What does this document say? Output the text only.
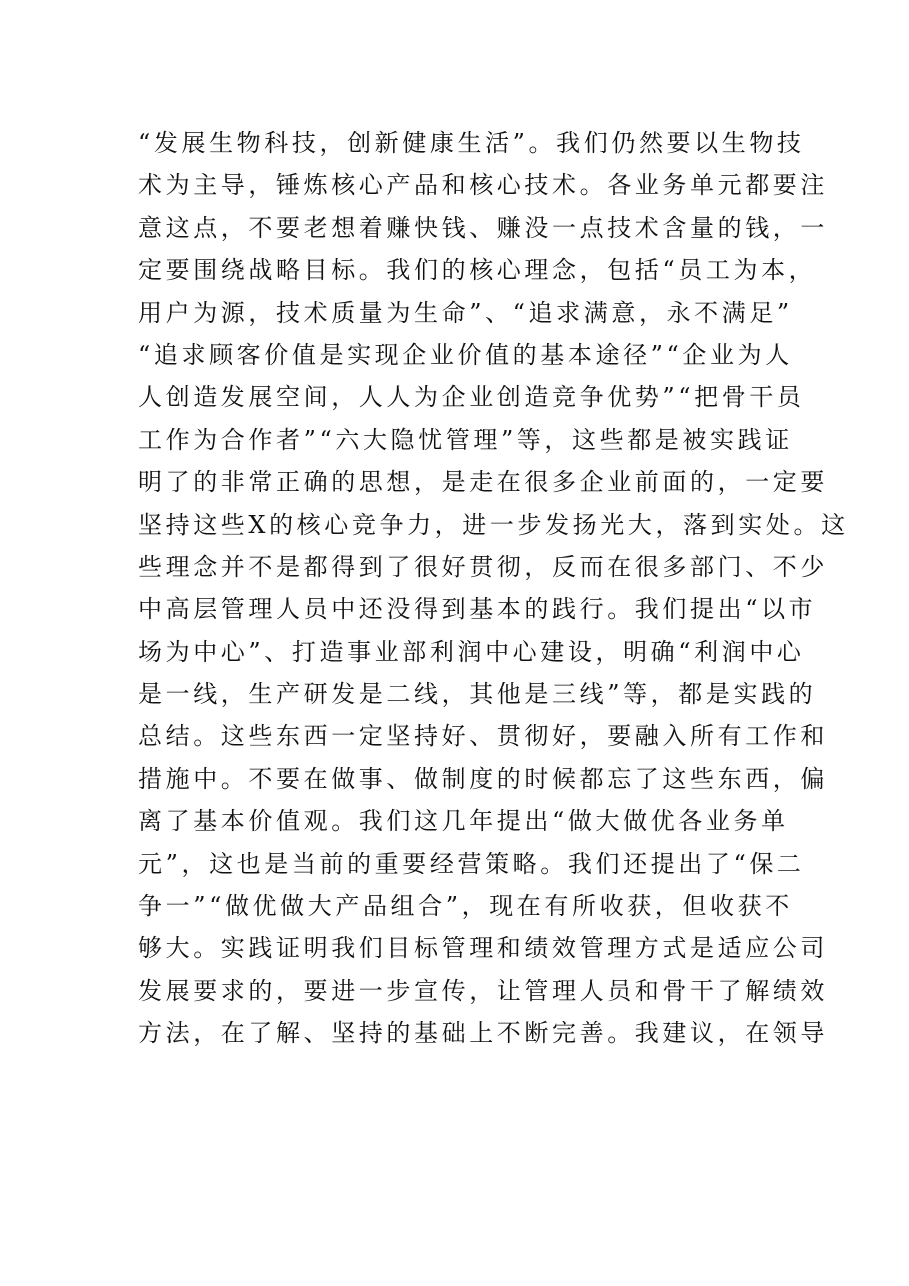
“发展生物科技，创新健康生活”。我们仍然要以生物技
术为主导，锤炼核心产品和核心技术。各业务单元都要注
意这点，不要老想着赚快钱、赚没一点技术含量的钱，一
定要围绕战略目标。我们的核心理念，包括“员工为本，
用户为源，技术质量为生命”、“追求满意，永不满足”
“追求顾客价值是实现企业价值的基本途径”“企业为人
人创造发展空间，人人为企业创造竞争优势”“把骨干员
工作为合作者”“六大隐忧管理”等，这些都是被实践证
明了的非常正确的思想，是走在很多企业前面的，一定要
坚持这些X的核心竞争力，进一步发扬光大，落到实处。这
些理念并不是都得到了很好贯彻，反而在很多部门、不少
中高层管理人员中还没得到基本的践行。我们提出“以市
场为中心”、打造事业部利润中心建设，明确“利润中心
是一线，生产研发是二线，其他是三线”等，都是实践的
总结。这些东西一定坚持好、贯彻好，要融入所有工作和
措施中。不要在做事、做制度的时候都忘了这些东西，偏
离了基本价值观。我们这几年提出“做大做优各业务单
元”，这也是当前的重要经营策略。我们还提出了“保二
争一”“做优做大产品组合”，现在有所收获，但收获不
够大。实践证明我们目标管理和绩效管理方式是适应公司
发展要求的，要进一步宣传，让管理人员和骨干了解绩效
方法，在了解、坚持的基础上不断完善。我建议，在领导
